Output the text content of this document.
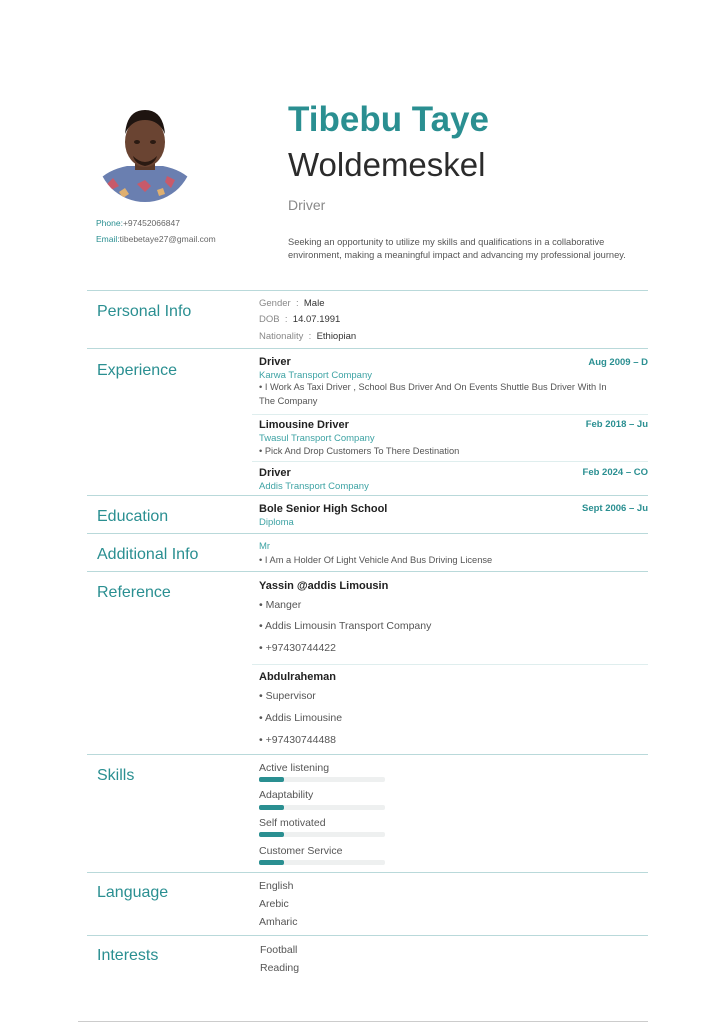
Tibebu Taye
Woldemeskel
Driver
Seeking an opportunity to utilize my skills and qualifications in a collaborative environment, making a meaningful impact and advancing my professional journey.
Phone:+97452066847
Email:tibebetaye27@gmail.com
Personal Info	Gender : Male
DOB : 14.07.1991
Nationality : Ethiopian
Experience	Driver	Aug 2009 – D
Karwa Transport Company
• I Work As Taxi Driver , School Bus Driver And On Events Shuttle Bus Driver With In
The Company
Limousine Driver	Feb 2018 – Ju
Twasul Transport Company
• Pick And Drop Customers To There Destination
Driver	Feb 2024 – CO
Addis Transport Company
Education	Bole Senior High School	Sept 2006 – Ju
Diploma
Additional Info	Mr
• I Am a Holder Of Light Vehicle And Bus Driving License
Reference	Yassin @addis Limousin
• Manger
• Addis Limousin Transport Company
• +97430744422
Abdulraheman
• Supervisor
• Addis Limousine
• +97430744488
Skills	Active listening
Adaptability
Self motivated
Customer Service
Language	English
Arebic
Amharic
Interests	Football
Reading
